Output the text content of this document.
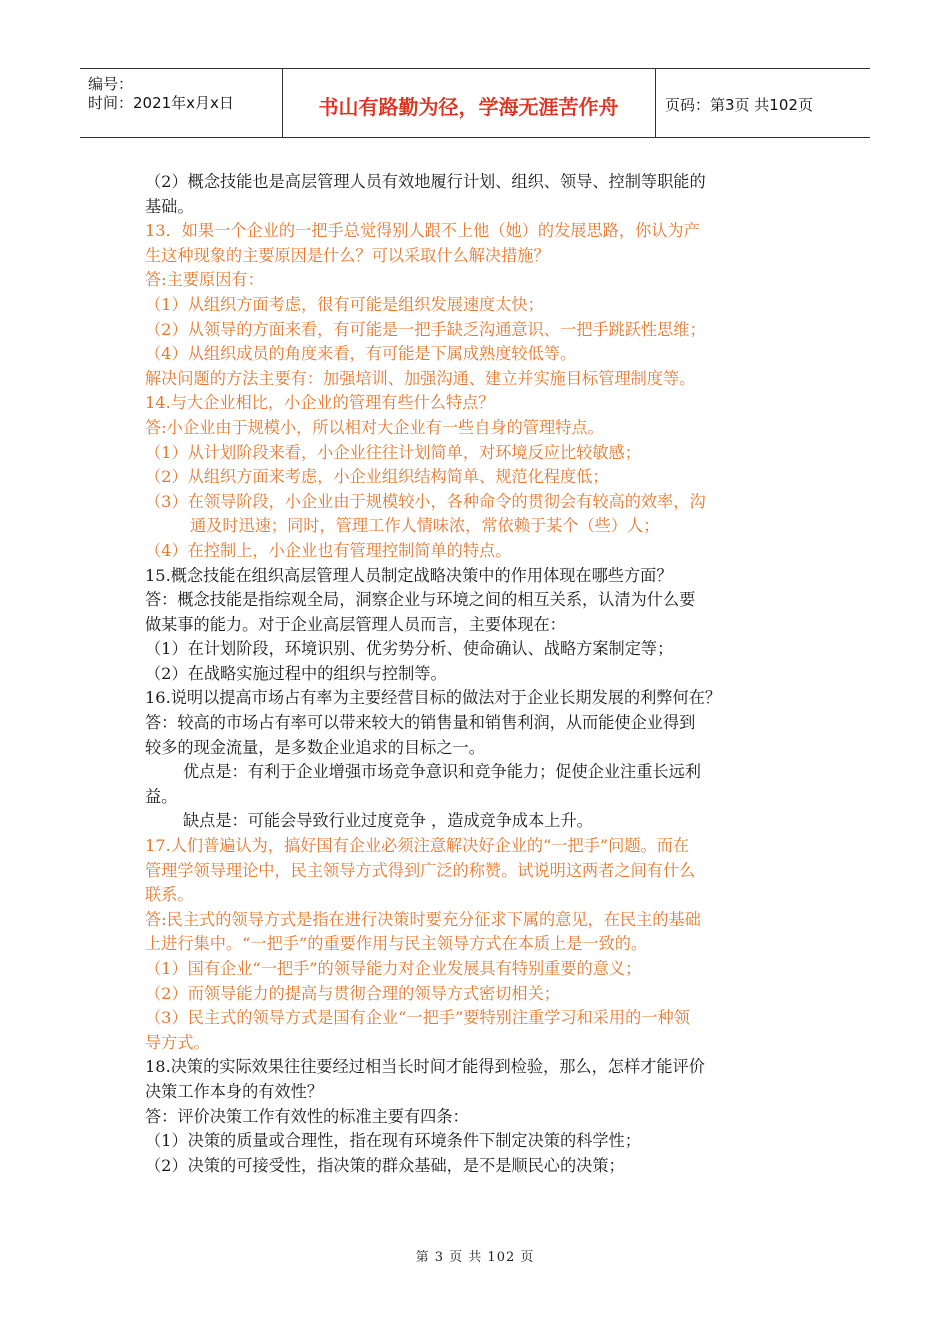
编号：
时间：2021年x月x日	书山有路勤为径，学海无涯苦作舟	页码：第3页 共102页
（2）概念技能也是高层管理人员有效地履行计划、组织、领导、控制等职能的
基础。
13．如果一个企业的一把手总觉得别人跟不上他（她）的发展思路，你认为产
生这种现象的主要原因是什么？可以采取什么解决措施？
答:主要原因有：
（1）从组织方面考虑，很有可能是组织发展速度太快；
（2）从领导的方面来看，有可能是一把手缺乏沟通意识、一把手跳跃性思维；
（4）从组织成员的角度来看，有可能是下属成熟度较低等。
解决问题的方法主要有：加强培训、加强沟通、建立并实施目标管理制度等。
14.与大企业相比，小企业的管理有些什么特点？
答:小企业由于规模小，所以相对大企业有一些自身的管理特点。
（1）从计划阶段来看，小企业往往计划简单，对环境反应比较敏感；
（2）从组织方面来考虑，小企业组织结构简单、规范化程度低；
（3）在领导阶段，小企业由于规模较小，各种命令的贯彻会有较高的效率，沟
通及时迅速；同时，管理工作人情味浓，常依赖于某个（些）人；
（4）在控制上，小企业也有管理控制简单的特点。
15.概念技能在组织高层管理人员制定战略决策中的作用体现在哪些方面？
答：概念技能是指综观全局，洞察企业与环境之间的相互关系，认清为什么要
做某事的能力。对于企业高层管理人员而言，主要体现在：
（1）在计划阶段，环境识别、优劣势分析、使命确认、战略方案制定等；
（2）在战略实施过程中的组织与控制等。
16.说明以提高市场占有率为主要经营目标的做法对于企业长期发展的利弊何在？
答：较高的市场占有率可以带来较大的销售量和销售利润，从而能使企业得到
较多的现金流量，是多数企业追求的目标之一。
优点是：有利于企业增强市场竞争意识和竞争能力；促使企业注重长远利
益。
缺点是：可能会导致行业过度竞争 ，造成竞争成本上升。
17.人们普遍认为，搞好国有企业必须注意解决好企业的“一把手”问题。而在
管理学领导理论中，民主领导方式得到广泛的称赞。试说明这两者之间有什么
联系。
答:民主式的领导方式是指在进行决策时要充分征求下属的意见，在民主的基础
上进行集中。“一把手”的重要作用与民主领导方式在本质上是一致的。
（1）国有企业“一把手”的领导能力对企业发展具有特别重要的意义；
（2）而领导能力的提高与贯彻合理的领导方式密切相关；
（3）民主式的领导方式是国有企业“一把手”要特别注重学习和采用的一种领
导方式。
18.决策的实际效果往往要经过相当长时间才能得到检验，那么，怎样才能评价
决策工作本身的有效性？
答：评价决策工作有效性的标准主要有四条：
（1）决策的质量或合理性，指在现有环境条件下制定决策的科学性；
（2）决策的可接受性，指决策的群众基础，是不是顺民心的决策；
第 3 页 共 102 页
